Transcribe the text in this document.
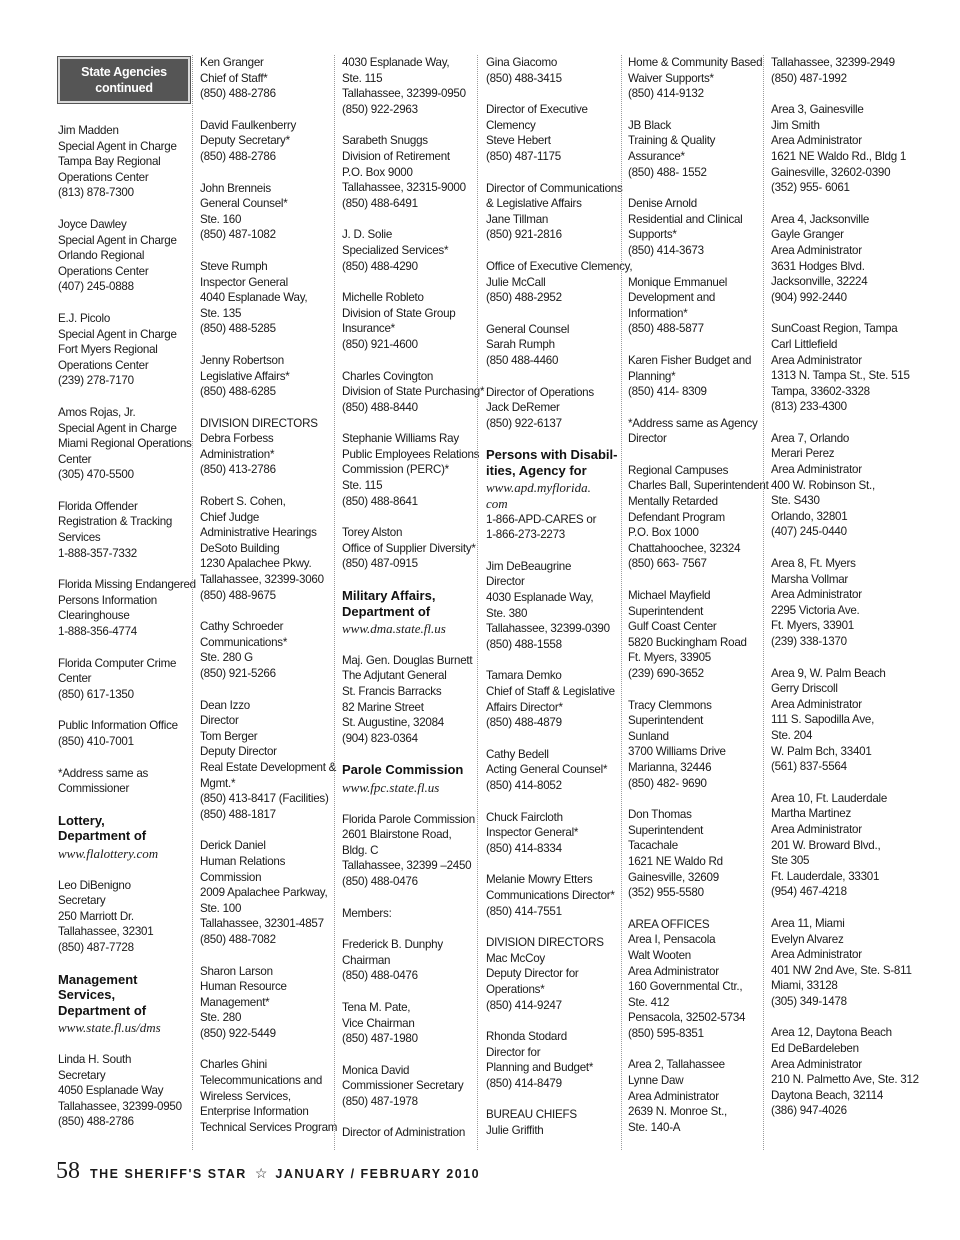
State Agencies
continued
Jim Madden
Special Agent in Charge
Tampa Bay Regional
Operations Center
(813) 878-7300
Joyce Dawley
Special Agent in Charge
Orlando Regional
Operations Center
(407) 245-0888
E.J. Picolo
Special Agent in Charge
Fort Myers Regional
Operations Center
(239) 278-7170
Amos Rojas, Jr.
Special Agent in Charge
Miami Regional Operations
Center
(305) 470-5500
Florida Offender
Registration & Tracking
Services
1-888-357-7332
Florida Missing Endangered
Persons Information
Clearinghouse
1-888-356-4774
Florida Computer Crime
Center
(850) 617-1350
Public Information Office
(850) 410-7001
*Address same as
Commissioner
Lottery,
Department of
www.flalottery.com
Leo DiBenigno
Secretary
250 Marriott Dr.
Tallahassee, 32301
(850) 487-7728
Management
Services,
Department of
www.state.fl.us/dms
Linda H. South
Secretary
4050 Esplanade Way
Tallahassee, 32399-0950
(850) 488-2786
Ken Granger
Chief of Staff*
(850) 488-2786
David Faulkenberry
Deputy Secretary*
(850) 488-2786
John Brenneis
General Counsel*
Ste. 160
(850) 487-1082
Steve Rumph
Inspector General
4040 Esplanade Way,
Ste. 135
(850) 488-5285
Jenny Robertson
Legislative Affairs*
(850) 488-6285
DIVISION DIRECTORS
Debra Forbess
Administration*
(850) 413-2786
Robert S. Cohen,
Chief Judge
Administrative Hearings
DeSoto Building
1230 Apalachee Pkwy.
Tallahassee, 32399-3060
(850) 488-9675
Cathy Schroeder
Communications*
Ste. 280 G
(850) 921-5266
Dean Izzo
Director
Tom Berger
Deputy Director
Real Estate Development &
Mgmt.*
(850) 413-8417 (Facilities)
(850) 488-1817
Derick Daniel
Human Relations
Commission
2009 Apalachee Parkway,
Ste. 100
Tallahassee, 32301-4857
(850) 488-7082
Sharon Larson
Human Resource
Management*
Ste. 280
(850) 922-5449
Charles Ghini
Telecommunications and
Wireless Services,
Enterprise Information
Technical Services Program
4030 Esplanade Way,
Ste. 115
Tallahassee, 32399-0950
(850) 922-2963
Sarabeth Snuggs
Division of Retirement
P.O. Box 9000
Tallahassee, 32315-9000
(850) 488-6491
J. D. Solie
Specialized Services*
(850) 488-4290
Michelle Robleto
Division of State Group
Insurance*
(850) 921-4600
Charles Covington
Division of State Purchasing*
(850) 488-8440
Stephanie Williams Ray
Public Employees Relations
Commission (PERC)*
Ste. 115
(850) 488-8641
Torey Alston
Office of Supplier Diversity*
(850) 487-0915
Military Affairs,
Department of
www.dma.state.fl.us
Maj. Gen. Douglas Burnett
The Adjutant General
St. Francis Barracks
82 Marine Street
St. Augustine, 32084
(904) 823-0364
Parole Commission
www.fpc.state.fl.us
Florida Parole Commission
2601 Blairstone Road,
Bldg. C
Tallahassee, 32399 –2450
(850) 488-0476
Members:
Frederick B. Dunphy
Chairman
(850) 488-0476
Tena M. Pate,
Vice Chairman
(850) 487-1980
Monica David
Commissioner Secretary
(850) 487-1978
Director of Administration
Gina Giacomo
(850) 488-3415
Director of Executive
Clemency
Steve Hebert
(850) 487-1175
Director of Communications
& Legislative Affairs
Jane Tillman
(850) 921-2816
Office of Executive Clemency,
Julie McCall
(850) 488-2952
General Counsel
Sarah Rumph
(850 488-4460
Director of Operations
Jack DeRemer
(850) 922-6137
Persons with Disabil-
ities, Agency for
www.apd.myflorida.
com
1-866-APD-CARES or
1-866-273-2273
Jim DeBeaugrine
Director
4030 Esplanade Way,
Ste. 380
Tallahassee, 32399-0390
(850) 488-1558
Tamara Demko
Chief of Staff & Legislative
Affairs Director*
(850) 488-4879
Cathy Bedell
Acting General Counsel*
(850) 414-8052
Chuck Faircloth
Inspector General*
(850) 414-8334
Melanie Mowry Etters
Communications Director*
(850) 414-7551
DIVISION DIRECTORS
Mac McCoy
Deputy Director for
Operations*
(850) 414-9247
Rhonda Stodard
Director for
Planning and Budget*
(850) 414-8479
BUREAU CHIEFS
Julie Griffith
Home & Community Based
Waiver Supports*
(850) 414-9132
JB Black
Training & Quality
Assurance*
(850) 488- 1552
Denise Arnold
Residential and Clinical
Supports*
(850) 414-3673
Monique Emmanuel
Development and
Information*
(850) 488-5877
Karen Fisher Budget and
Planning*
(850) 414- 8309
*Address same as Agency
Director
Regional Campuses
Charles Ball, Superintendent
Mentally Retarded
Defendant Program
P.O. Box 1000
Chattahoochee, 32324
(850) 663- 7567
Michael Mayfield
Superintendent
Gulf Coast Center
5820 Buckingham Road
Ft. Myers, 33905
(239) 690-3652
Tracy Clemmons
Superintendent
Sunland
3700 Williams Drive
Marianna, 32446
(850) 482- 9690
Don Thomas
Superintendent
Tacachale
1621 NE Waldo Rd
Gainesville, 32609
(352) 955-5580
AREA OFFICES
Area I, Pensacola
Walt Wooten
Area Administrator
160 Governmental Ctr.,
Ste. 412
Pensacola, 32502-5734
(850) 595-8351
Area 2, Tallahassee
Lynne Daw
Area Administrator
2639 N. Monroe St.,
Ste. 140-A
Tallahassee, 32399-2949
(850) 487-1992
Area 3, Gainesville
Jim Smith
Area Administrator
1621 NE Waldo Rd., Bldg 1
Gainesville, 32602-0390
(352) 955- 6061
Area 4, Jacksonville
Gayle Granger
Area Administrator
3631 Hodges Blvd.
Jacksonville, 32224
(904) 992-2440
SunCoast Region, Tampa
Carl Littlefield
Area Administrator
1313 N. Tampa St., Ste. 515
Tampa, 33602-3328
(813) 233-4300
Area 7, Orlando
Merari Perez
Area Administrator
400 W. Robinson St.,
Ste. S430
Orlando, 32801
(407) 245-0440
Area 8, Ft. Myers
Marsha Vollmar
Area Administrator
2295 Victoria Ave.
Ft. Myers, 33901
(239) 338-1370
Area 9, W. Palm Beach
Gerry Driscoll
Area Administrator
111 S. Sapodilla Ave,
Ste. 204
W. Palm Bch, 33401
(561) 837-5564
Area 10, Ft. Lauderdale
Martha Martinez
Area Administrator
201 W. Broward Blvd.,
Ste 305
Ft. Lauderdale, 33301
(954) 467-4218
Area 11, Miami
Evelyn Alvarez
Area Administrator
401 NW 2nd Ave, Ste. S-811
Miami, 33128
(305) 349-1478
Area 12, Daytona Beach
Ed DeBardeleben
Area Administrator
210 N. Palmetto Ave, Ste. 312
Daytona Beach, 32114
(386) 947-4026
58 THE SHERIFF'S STAR ☆ JANUARY / FEBRUARY 2010
